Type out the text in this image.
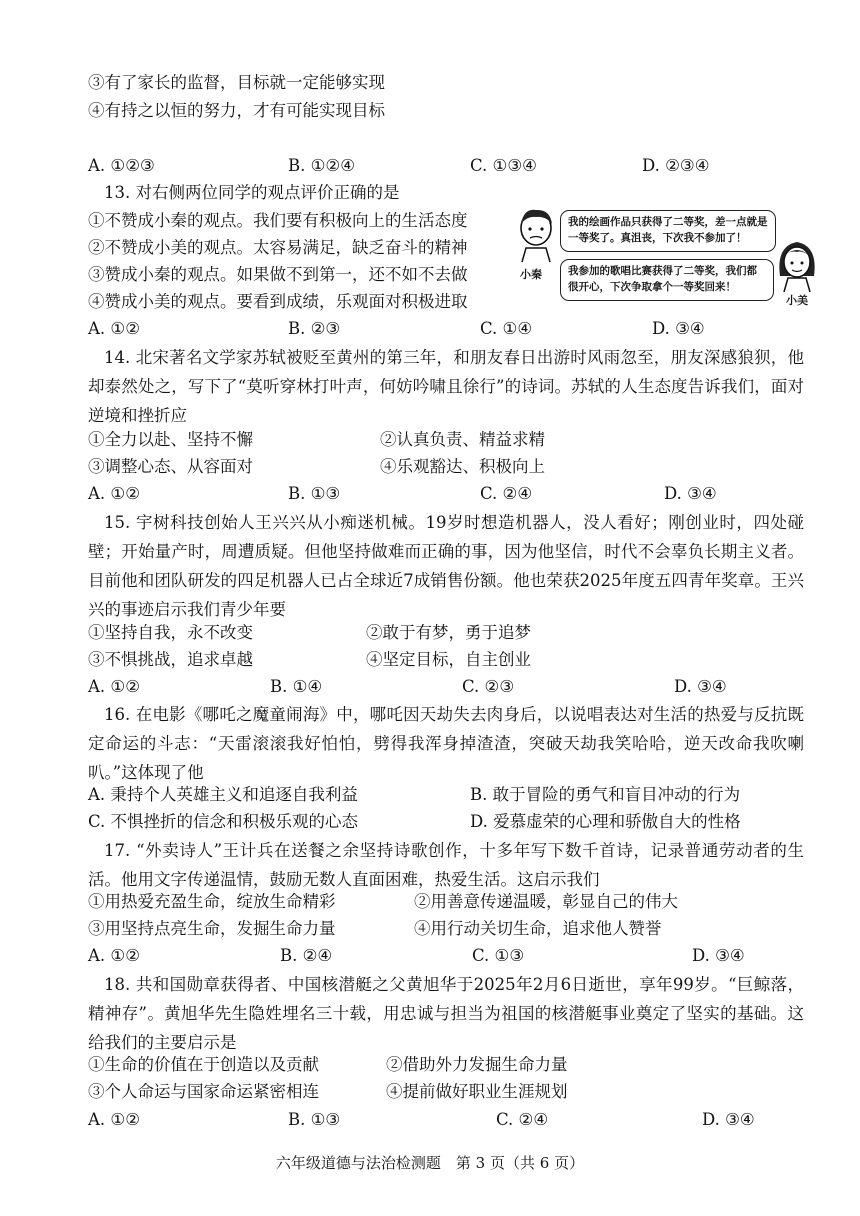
③有了家长的监督，目标就一定能够实现
④有持之以恒的努力，才有可能实现目标
A. ①②③	B. ①②④	C. ①③④	D. ②③④
13. 对右侧两位同学的观点评价正确的是
①不赞成小秦的观点。我们要有积极向上的生活态度
②不赞成小美的观点。太容易满足，缺乏奋斗的精神
③赞成小秦的观点。如果做不到第一，还不如不去做
④赞成小美的观点。要看到成绩，乐观面对积极进取
A. ①②	B. ②③	C. ①④	D. ③④
小秦
我的绘画作品只获得了二等奖，差一点就是一等奖了。真沮丧，下次我不参加了！
我参加的歌唱比赛获得了二等奖，我们都很开心，下次争取拿个一等奖回来！
小美
14. 北宋著名文学家苏轼被贬至黄州的第三年，和朋友春日出游时风雨忽至，朋友深感狼狈，他却泰然处之，写下了“莫听穿林打叶声，何妨吟啸且徐行”的诗词。苏轼的人生态度告诉我们，面对逆境和挫折应
①全力以赴、坚持不懈	②认真负责、精益求精
③调整心态、从容面对	④乐观豁达、积极向上
A. ①②	B. ①③	C. ②④	D. ③④
15. 宇树科技创始人王兴兴从小痴迷机械。19岁时想造机器人，没人看好；刚创业时，四处碰壁；开始量产时，周遭质疑。但他坚持做难而正确的事，因为他坚信，时代不会辜负长期主义者。目前他和团队研发的四足机器人已占全球近7成销售份额。他也荣获2025年度五四青年奖章。王兴兴的事迹启示我们青少年要
①坚持自我，永不改变	②敢于有梦，勇于追梦
③不惧挑战，追求卓越	④坚定目标，自主创业
A. ①②	B. ①④	C. ②③	D. ③④
16. 在电影《哪吒之魔童闹海》中，哪吒因天劫失去肉身后，以说唱表达对生活的热爱与反抗既定命运的斗志：“天雷滚滚我好怕怕，劈得我浑身掉渣渣，突破天劫我笑哈哈，逆天改命我吹喇叭。”这体现了他
A. 秉持个人英雄主义和追逐自我利益	B. 敢于冒险的勇气和盲目冲动的行为
C. 不惧挫折的信念和积极乐观的心态	D. 爱慕虚荣的心理和骄傲自大的性格
17. “外卖诗人”王计兵在送餐之余坚持诗歌创作，十多年写下数千首诗，记录普通劳动者的生活。他用文字传递温情，鼓励无数人直面困难，热爱生活。这启示我们
①用热爱充盈生命，绽放生命精彩	②用善意传递温暖，彰显自己的伟大
③用坚持点亮生命，发掘生命力量	④用行动关切生命，追求他人赞誉
A. ①②	B. ②④	C. ①③	D. ③④
18. 共和国勋章获得者、中国核潜艇之父黄旭华于2025年2月6日逝世，享年99岁。“巨鲸落，精神存”。黄旭华先生隐姓埋名三十载，用忠诚与担当为祖国的核潜艇事业奠定了坚实的基础。这给我们的主要启示是
①生命的价值在于创造以及贡献	②借助外力发掘生命力量
③个人命运与国家命运紧密相连	④提前做好职业生涯规划
A. ①②	B. ①③	C. ②④	D. ③④
六年级道德与法治检测题　第 3 页（共 6 页）
